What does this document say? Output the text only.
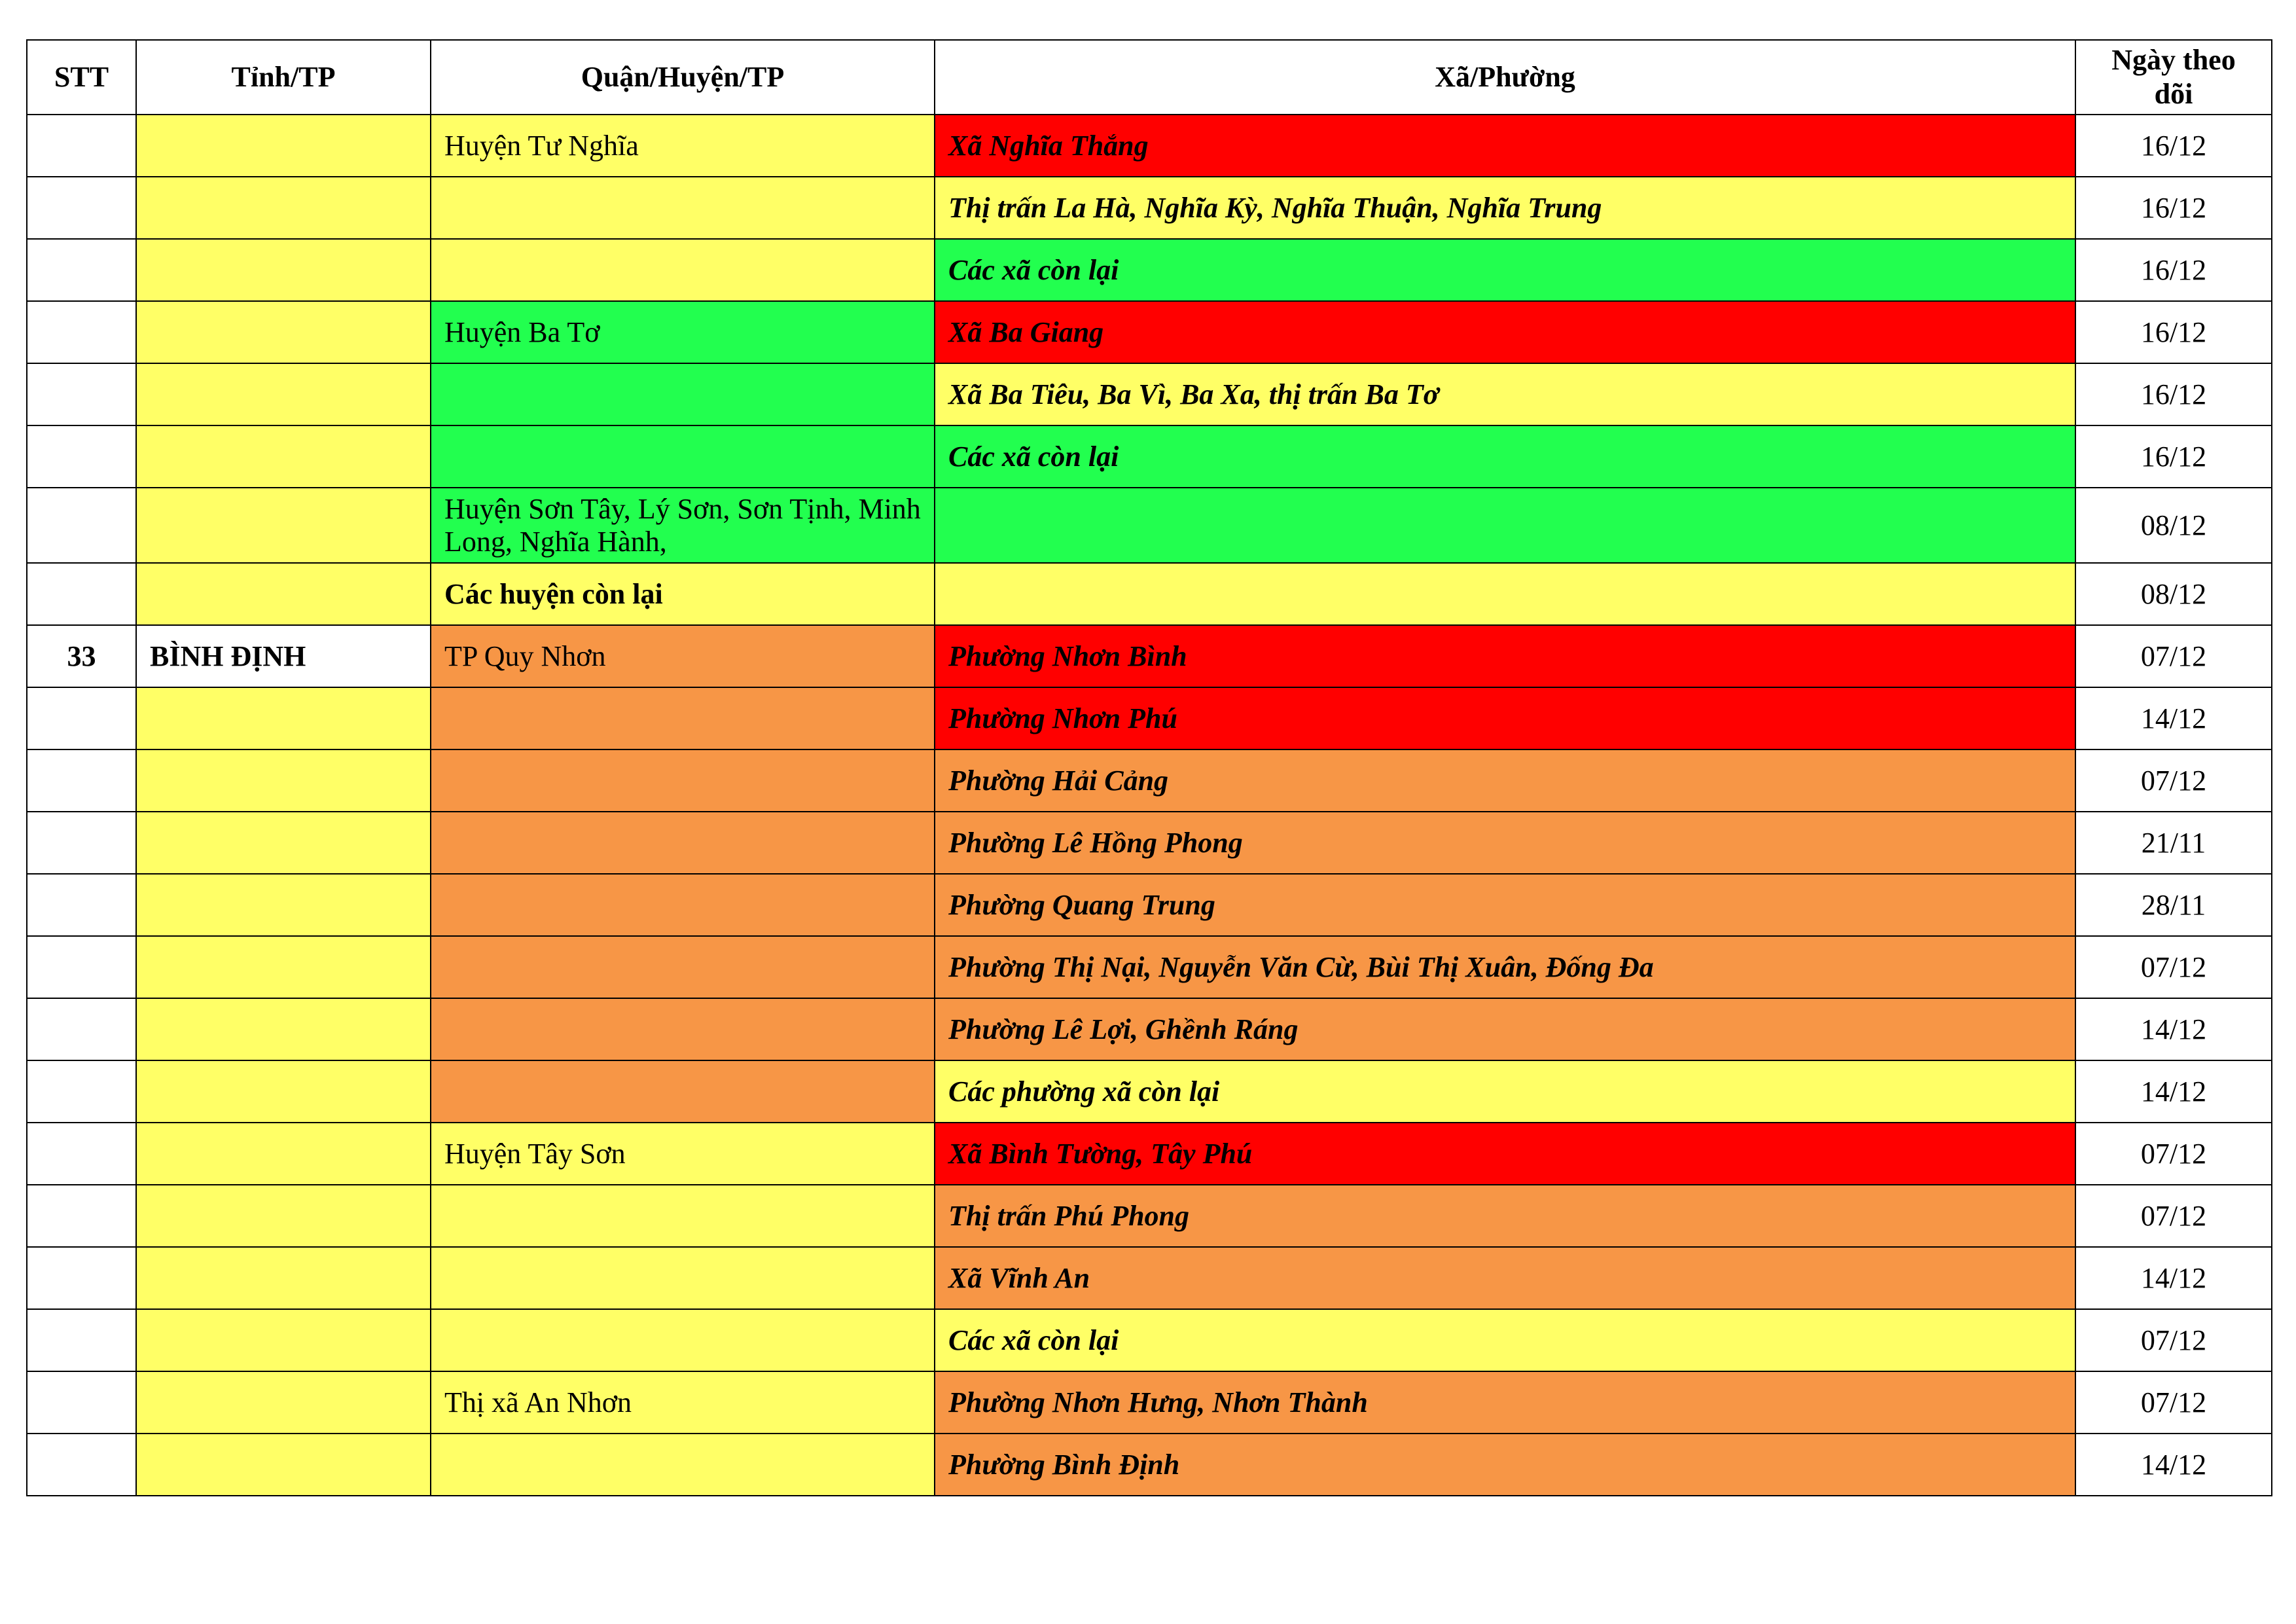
STT	Tỉnh/TP	Quận/Huyện/TP	Xã/Phường	Ngày theo dõi
		Huyện Tư Nghĩa	Xã Nghĩa Thắng	16/12
			Thị trấn La Hà, Nghĩa Kỳ, Nghĩa Thuận, Nghĩa Trung	16/12
			Các xã còn lại	16/12
		Huyện Ba Tơ	Xã Ba Giang	16/12
			Xã Ba Tiêu, Ba Vì, Ba Xa, thị trấn Ba Tơ	16/12
			Các xã còn lại	16/12
		Huyện Sơn Tây, Lý Sơn, Sơn Tịnh, Minh Long, Nghĩa Hành,		08/12
		Các huyện còn lại		08/12
33	BÌNH ĐỊNH	TP Quy Nhơn	Phường Nhơn Bình	07/12
			Phường Nhơn Phú	14/12
			Phường Hải Cảng	07/12
			Phường Lê Hồng Phong	21/11
			Phường Quang Trung	28/11
			Phường Thị Nại, Nguyễn Văn Cừ, Bùi Thị Xuân, Đống Đa	07/12
			Phường Lê Lợi, Ghềnh Ráng	14/12
			Các phường xã còn lại	14/12
		Huyện Tây Sơn	Xã Bình Tường, Tây Phú	07/12
			Thị trấn Phú Phong	07/12
			Xã Vĩnh An	14/12
			Các xã còn lại	07/12
		Thị xã An Nhơn	Phường Nhơn Hưng, Nhơn Thành	07/12
			Phường Bình Định	14/12
